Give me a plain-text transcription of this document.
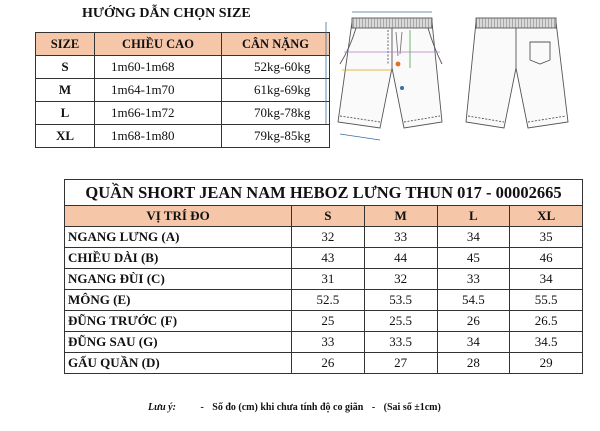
HƯỚNG DẪN CHỌN SIZE
SIZE	CHIỀU CAO	CÂN NẶNG
S	1m60-1m68	52kg-60kg
M	1m64-1m70	61kg-69kg
L	1m66-1m72	70kg-78kg
XL	1m68-1m80	79kg-85kg
QUẦN SHORT JEAN NAM HEBOZ LƯNG THUN 017 - 00002665				
VỊ TRÍ ĐO	S	M	L	XL
NGANG LƯNG (A)	32	33	34	35
CHIỀU DÀI (B)	43	44	45	46
NGANG ĐÙI (C)	31	32	33	34
MÔNG (E)	52.5	53.5	54.5	55.5
ĐŨNG TRƯỚC (F)	25	25.5	26	26.5
ĐŨNG SAU (G)	33	33.5	34	34.5
GẤU QUẦN (D)	26	27	28	29
Lưu ý: - Số đo (cm) khi chưa tính độ co giãn - (Sai số ±1cm)
